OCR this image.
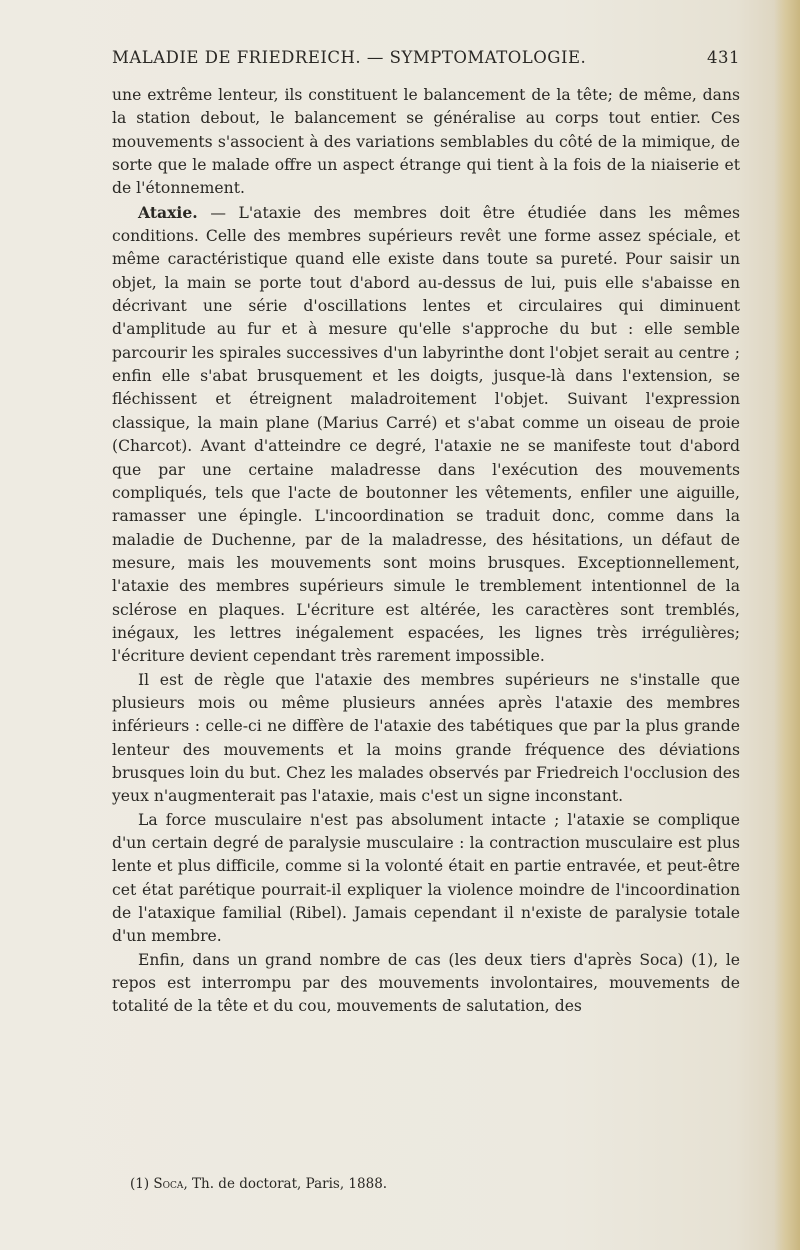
MALADIE DE FRIEDREICH. — SYMPTOMATOLOGIE.	431

une extrême lenteur, ils constituent le balancement de la tête; de même, dans la station debout, le balancement se généralise au corps tout entier. Ces mouvements s'associent à des variations semblables du côté de la mimique, de sorte que le malade offre un aspect étrange qui tient à la fois de la niaiserie et de l'étonnement.

Ataxie. — L'ataxie des membres doit être étudiée dans les mêmes conditions. Celle des membres supérieurs revêt une forme assez spéciale, et même caractéristique quand elle existe dans toute sa pureté. Pour saisir un objet, la main se porte tout d'abord au-dessus de lui, puis elle s'abaisse en décrivant une série d'oscillations lentes et circulaires qui diminuent d'amplitude au fur et à mesure qu'elle s'approche du but : elle semble parcourir les spirales successives d'un labyrinthe dont l'objet serait au centre ; enfin elle s'abat brusquement et les doigts, jusque-là dans l'extension, se fléchissent et étreignent maladroitement l'objet. Suivant l'expression classique, la main plane (Marius Carré) et s'abat comme un oiseau de proie (Charcot). Avant d'atteindre ce degré, l'ataxie ne se manifeste tout d'abord que par une certaine maladresse dans l'exécution des mouvements compliqués, tels que l'acte de boutonner les vêtements, enfiler une aiguille, ramasser une épingle. L'incoordination se traduit donc, comme dans la maladie de Duchenne, par de la maladresse, des hésitations, un défaut de mesure, mais les mouvements sont moins brusques. Exceptionnellement, l'ataxie des membres supérieurs simule le tremblement intentionnel de la sclérose en plaques. L'écriture est altérée, les caractères sont tremblés, inégaux, les lettres inégalement espacées, les lignes très irrégulières; l'écriture devient cependant très rarement impossible.

Il est de règle que l'ataxie des membres supérieurs ne s'installe que plusieurs mois ou même plusieurs années après l'ataxie des membres inférieurs : celle-ci ne diffère de l'ataxie des tabétiques que par la plus grande lenteur des mouvements et la moins grande fréquence des déviations brusques loin du but. Chez les malades observés par Friedreich l'occlusion des yeux n'augmenterait pas l'ataxie, mais c'est un signe inconstant.

La force musculaire n'est pas absolument intacte ; l'ataxie se complique d'un certain degré de paralysie musculaire : la contraction musculaire est plus lente et plus difficile, comme si la volonté était en partie entravée, et peut-être cet état parétique pourrait-il expliquer la violence moindre de l'incoordination de l'ataxique familial (Ribel). Jamais cependant il n'existe de paralysie totale d'un membre.

Enfin, dans un grand nombre de cas (les deux tiers d'après Soca) (1), le repos est interrompu par des mouvements involontaires, mouvements de totalité de la tête et du cou, mouvements de salutation, des

(1) Soca, Th. de doctorat, Paris, 1888.
